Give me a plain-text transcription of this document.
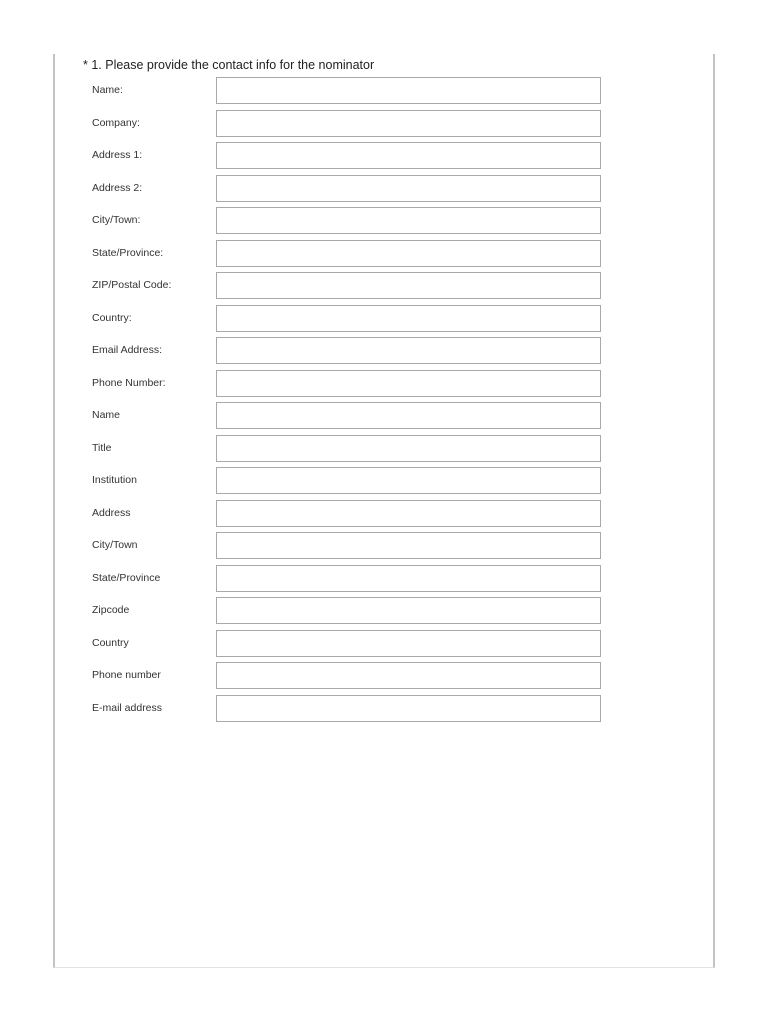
* 1. Please provide the contact info for the nominator
Name:
Company:
Address 1:
Address 2:
City/Town:
State/Province:
ZIP/Postal Code:
Country:
Email Address:
Phone Number:
Name
Title
Institution
Address
City/Town
State/Province
Zipcode
Country
Phone number
E-mail address
